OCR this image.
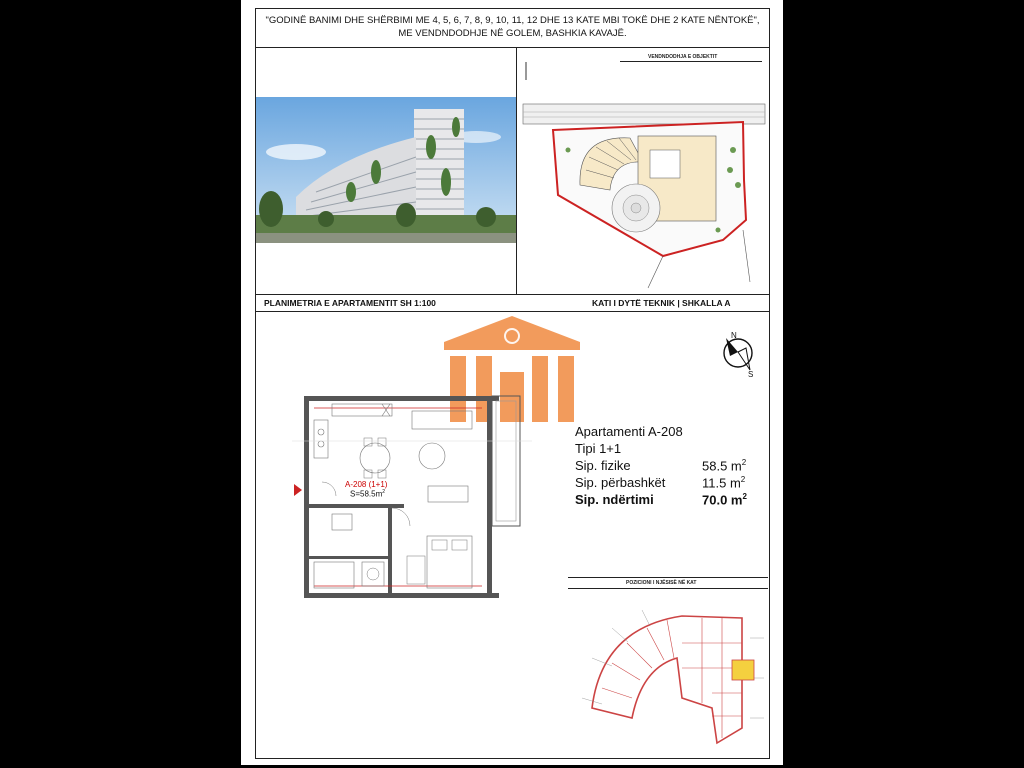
"GODINË BANIMI DHE SHËRBIMI ME 4, 5, 6, 7, 8, 9, 10, 11, 12 DHE 13 KATE MBI TOKË DHE 2 KATE NËNTOKË",
ME VENDNDODHJE NË GOLEM, BASHKIA KAVAJË.
VENDNDODHJA E OBJEKTIT
PLANIMETRIA E APARTAMENTIT SH 1:100	KATI I DYTË TEKNIK | SHKALLA A
N
S
A-208 (1+1)
$S=58.5m^2$
Apartamenti A-208
Tipi 1+1
Sip. fizike	58.5 $m^2$
Sip. përbashkët	11.5 $m^2$
Sip. ndërtimi	70.0 $m^2$
POZICIONI I NJËSISË NË KAT
